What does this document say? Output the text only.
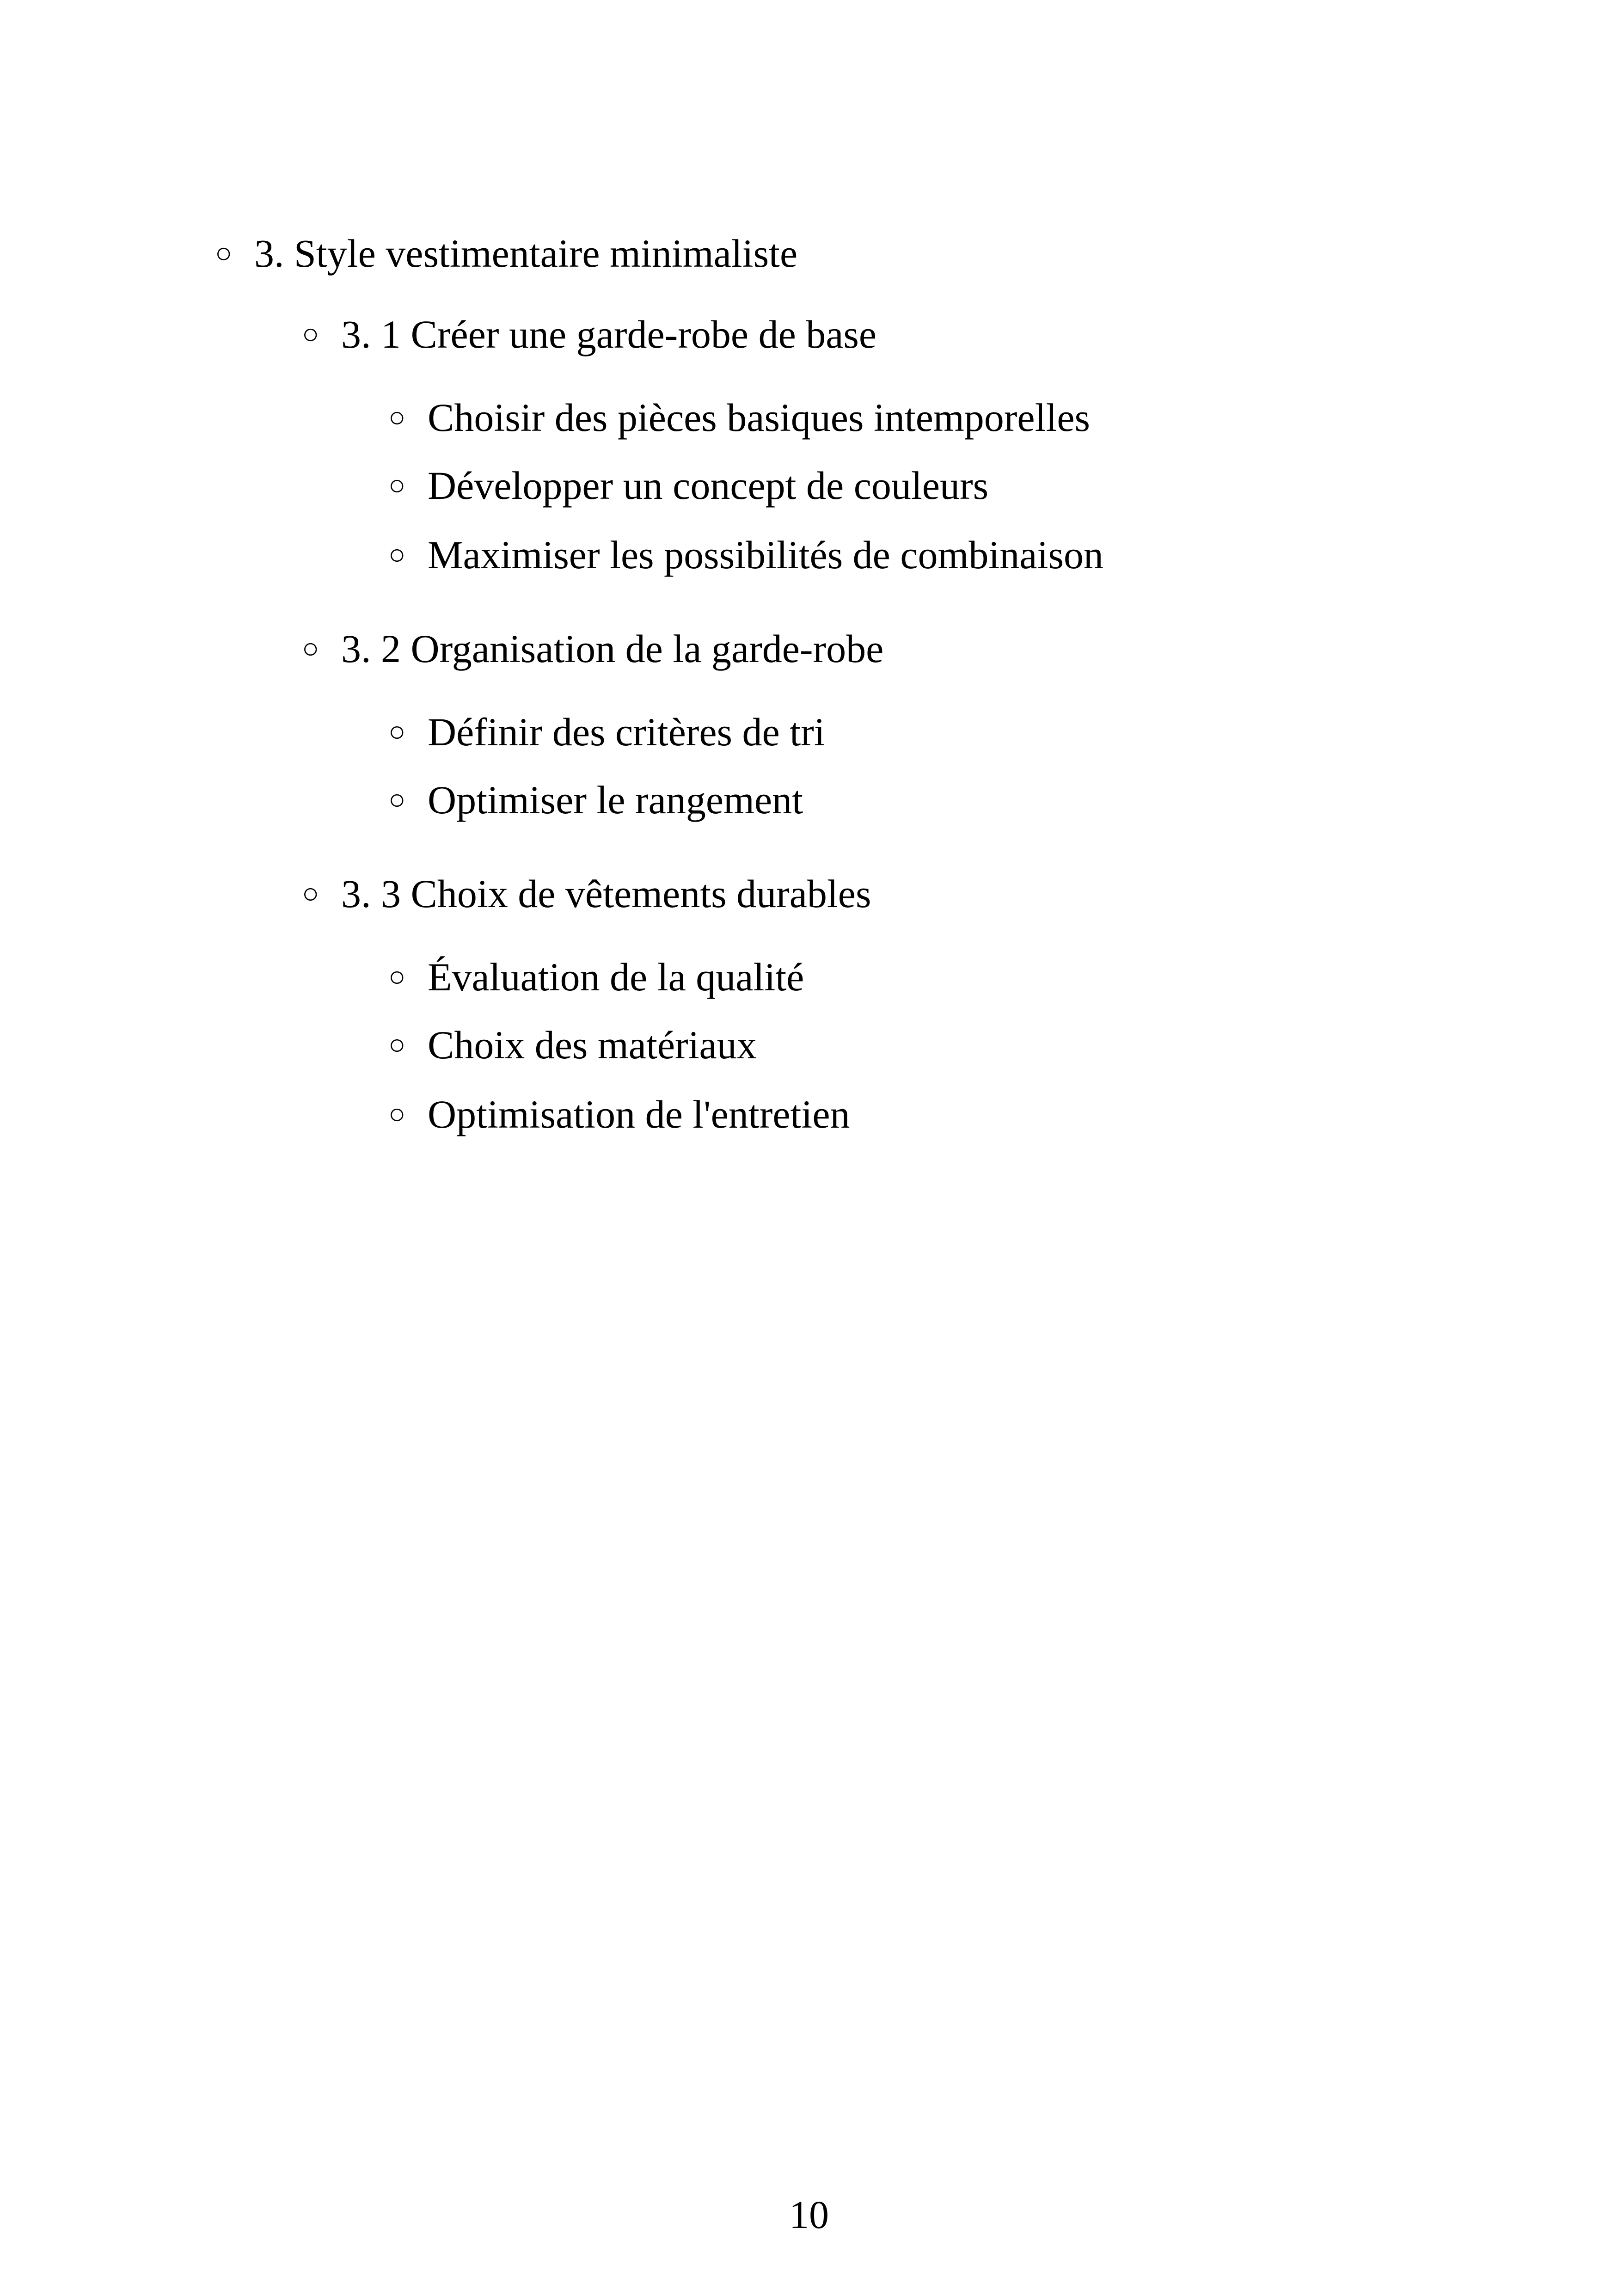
○ 3. Style vestimentaire minimaliste
○ 3. 1 Créer une garde-robe de base
○ Choisir des pièces basiques intemporelles
○ Développer un concept de couleurs
○ Maximiser les possibilités de combinaison
○ 3. 2 Organisation de la garde-robe
○ Définir des critères de tri
○ Optimiser le rangement
○ 3. 3 Choix de vêtements durables
○ Évaluation de la qualité
○ Choix des matériaux
○ Optimisation de l'entretien
10
